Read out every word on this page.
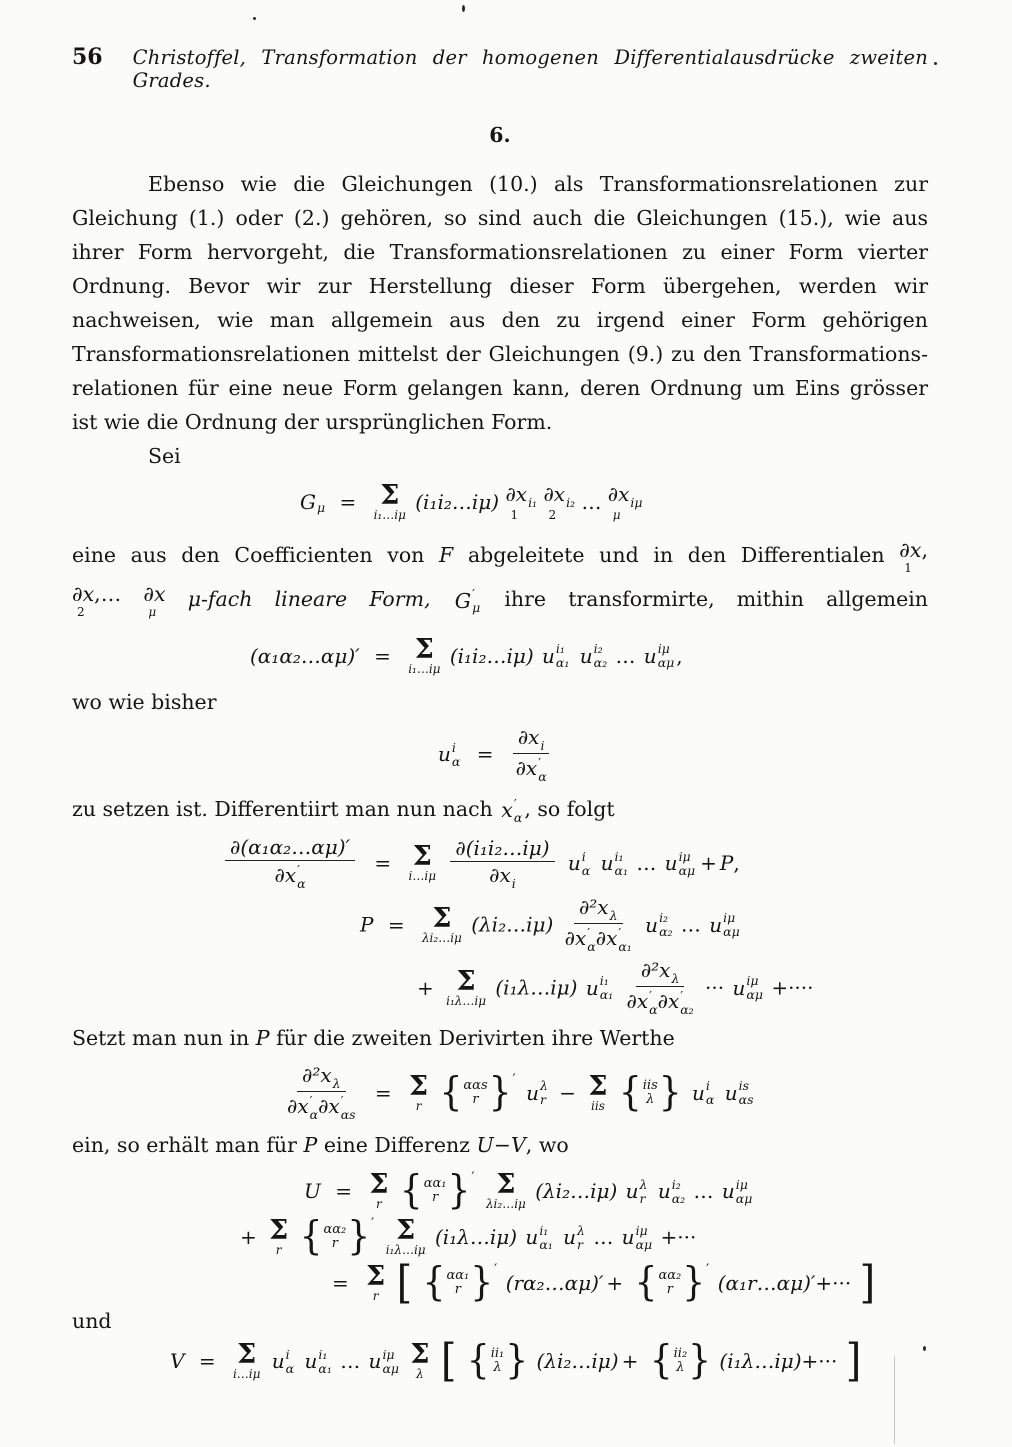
56 Christoffel, Transformation der homogenen Differentialausdrücke zweiten Grades.
6.
Ebenso wie die Gleichungen (10.) als Transformationsrelationen zur
Gleichung (1.) oder (2.) gehören, so sind auch die Gleichungen (15.), wie aus
ihrer Form hervorgeht, die Transformationsrelationen zu einer Form vierter
Ordnung. Bevor wir zur Herstellung dieser Form übergehen, werden wir
nachweisen, wie man allgemein aus den zu irgend einer Form gehörigen
Transformationsrelationen mittelst der Gleichungen (9.) zu den Transformations-
relationen für eine neue Form gelangen kann, deren Ordnung um Eins grösser
ist wie die Ordnung der ursprünglichen Form.
Sei
$G_\mu = \Sigma$
i₁…iμ
(i₁i₂…iμ) ∂x i₁
1

∂x i₂
2
… ∂x iμ
μ
eine aus den Coefficienten von F abgeleitete und in den Differentialen ∂x ,
1
∂x ,…
2

∂x
μ
μ-fach lineare Form, G ′
μ ihre transformirte, mithin allgemein
(α₁α₂…αμ)′ = Σ
i₁…iμ
(i₁i₂…iμ) u i₁
α₁
u i₂
α₂ … u iμ
αμ ,
wo wie bisher
u i
$\alpha = \partial x_i$
∂x ′
α
zu setzen ist. Differentiirt man nun nach x ′
α , so folgt
∂(α₁α₂…αμ)′
∂x ′
α = Σ
i…iμ
$\frac{\text{∂(i₁i₂…iμ)}}{\partial x_i}$
u i
α
u i₁
α₁ … u iμ
αμ + P,
P = Σ
λi₂…iμ
(λi₂…iμ) $\partial^2x_\lambda$
∂x ′
α ∂x ′
α₁
u i₂
α₂ … u iμ
αμ
+ Σ
i₁λ…iμ
(i₁λ…iμ) u i₁
α₁
$\partial^2x_\lambda$
∂x ′
α ∂x ′
α₂ ··· u iμ
αμ +····
Setzt man nun in P für die zweiten Derivirten ihre Werthe
$\partial^2x_\lambda$
∂x ′
α ∂x ′
αs = Σ
r
{ ααs
r } ′

u λ
r − Σ
iis
{ iis
λ }
u i
α
u is
αs
ein, so erhält man für P eine Differenz U−V, wo
U = Σ
r
{ αα₁
r } ′
Σ
λi₂…iμ
(λi₂…iμ) u λ
r
u i₂
α₂ … u iμ
αμ
+ Σ
r
{ αα₂
r } ′
Σ
i₁λ…iμ
(i₁λ…iμ) u i₁
α₁
u λ
r … u iμ
αμ +···
= Σ
r [ { αα₁
r } ′
(rα₂…αμ)′ + { αα₂
r } ′
(α₁r…αμ)′+··· ]
und
V = Σ
i…iμ

u i
α
u i₁
α₁ … u iμ
αμ
Σ
λ [ { ii₁
λ } (λi₂…iμ) + { ii₂
λ } (i₁λ…iμ)+··· ]
